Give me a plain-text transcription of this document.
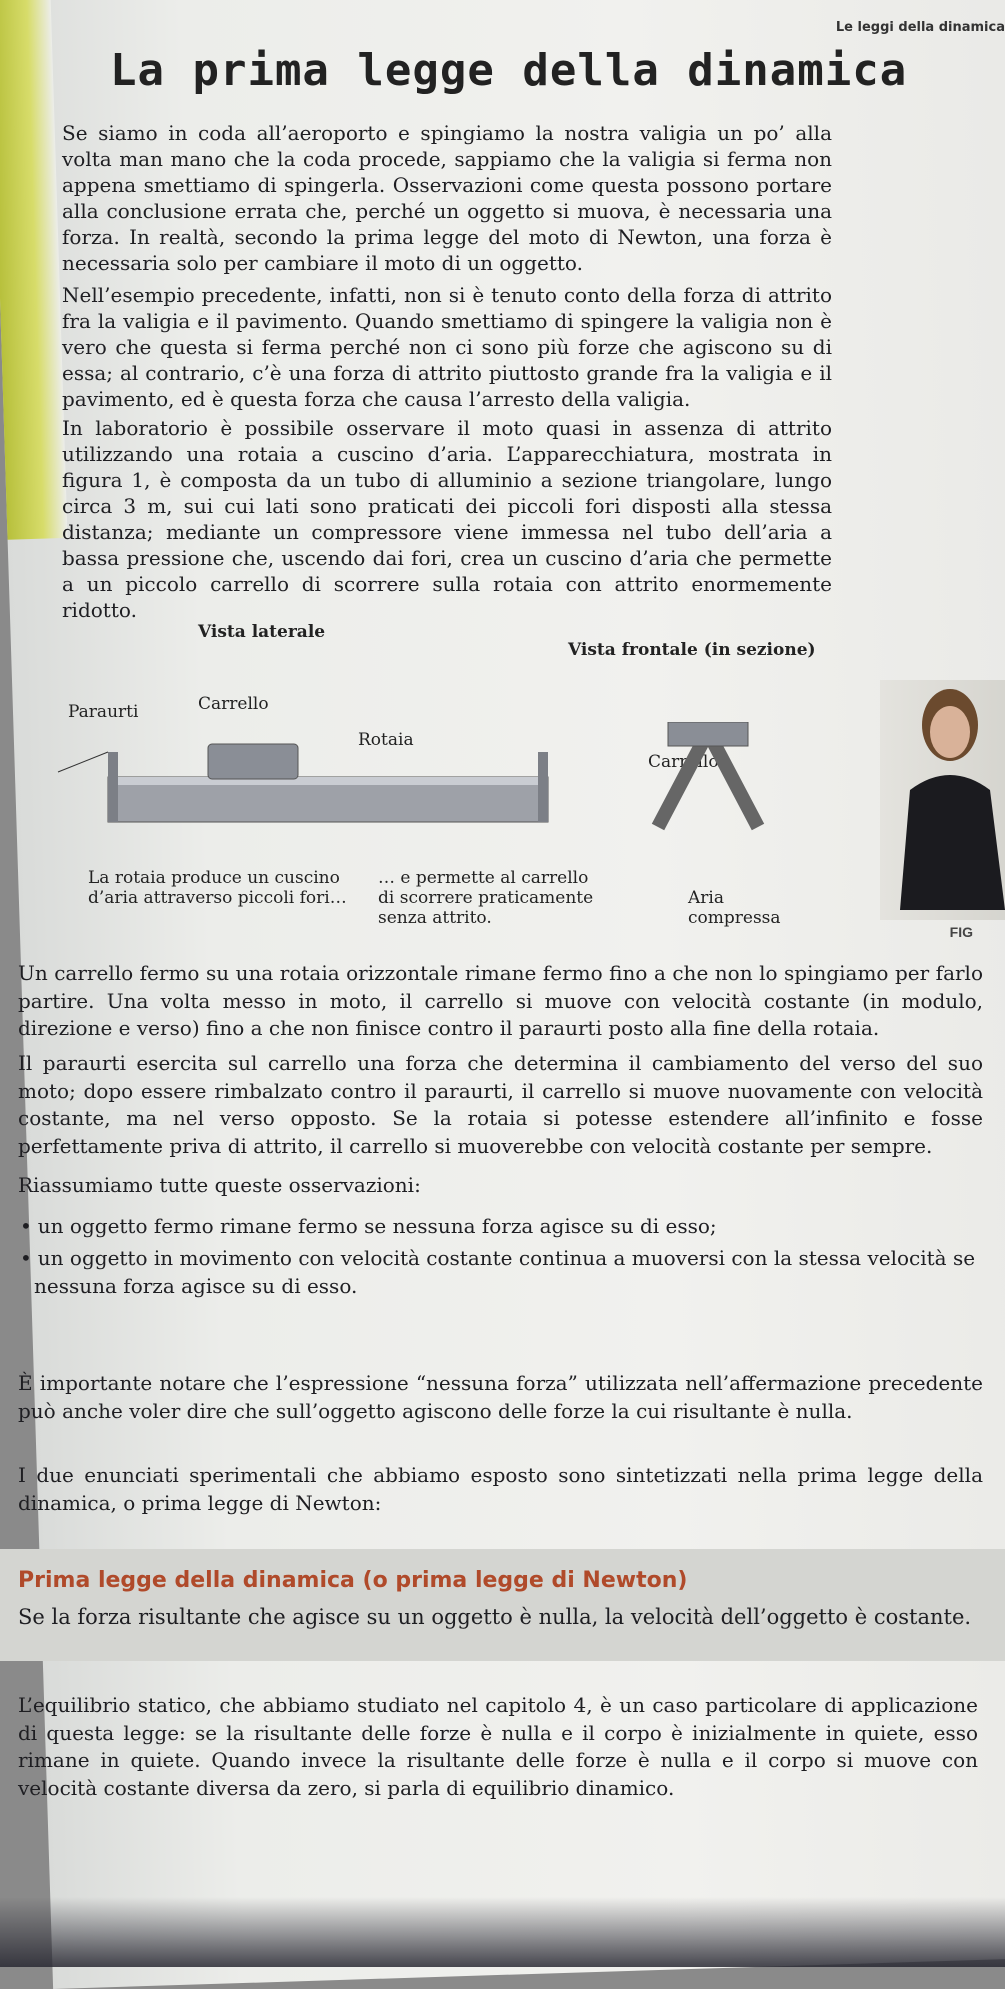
Le leggi della dinamica
La prima legge della dinamica

Se siamo in coda all’aeroporto e spingiamo la nostra valigia un po’ alla volta man mano che la coda procede, sappiamo che la valigia si ferma non appena smettiamo di spingerla. Osservazioni come questa possono portare alla conclusione errata che, perché un oggetto si muova, è necessaria una forza. In realtà, secondo la prima legge del moto di Newton, una forza è necessaria solo per cambiare il moto di un oggetto.

Nell’esempio precedente, infatti, non si è tenuto conto della forza di attrito fra la valigia e il pavimento. Quando smettiamo di spingere la valigia non è vero che questa si ferma perché non ci sono più forze che agiscono su di essa; al contrario, c’è una forza di attrito piuttosto grande fra la valigia e il pavimento, ed è questa forza che causa l’arresto della valigia.

In laboratorio è possibile osservare il moto quasi in assenza di attrito utilizzando una rotaia a cuscino d’aria. L’apparecchiatura, mostrata in figura 1, è composta da un tubo di alluminio a sezione triangolare, lungo circa 3 m, sui cui lati sono praticati dei piccoli fori disposti alla stessa distanza; mediante un compressore viene immessa nel tubo dell’aria a bassa pressione che, uscendo dai fori, crea un cuscino d’aria che permette a un piccolo carrello di scorrere sulla rotaia con attrito enormemente ridotto.

Vista laterale
Vista frontale (in sezione)
Paraurti	Carrello
Rotaia
Carrello
La rotaia produce un cuscino
d’aria attraverso piccoli fori…
… e permette al carrello
di scorrere praticamente
senza attrito.
Aria
compressa
FIG

Un carrello fermo su una rotaia orizzontale rimane fermo fino a che non lo spingiamo per farlo partire. Una volta messo in moto, il carrello si muove con velocità costante (in modulo, direzione e verso) fino a che non finisce contro il paraurti posto alla fine della rotaia.

Il paraurti esercita sul carrello una forza che determina il cambiamento del verso del suo moto; dopo essere rimbalzato contro il paraurti, il carrello si muove nuovamente con velocità costante, ma nel verso opposto. Se la rotaia si potesse estendere all’infinito e fosse perfettamente priva di attrito, il carrello si muoverebbe con velocità costante per sempre.

Riassumiamo tutte queste osservazioni:

• un oggetto fermo rimane fermo se nessuna forza agisce su di esso;
• un oggetto in movimento con velocità costante continua a muoversi con la stessa velocità se nessuna forza agisce su di esso.

È importante notare che l’espressione “nessuna forza” utilizzata nell’affermazione precedente può anche voler dire che sull’oggetto agiscono delle forze la cui risultante è nulla.

I due enunciati sperimentali che abbiamo esposto sono sintetizzati nella prima legge della dinamica, o prima legge di Newton:

Prima legge della dinamica (o prima legge di Newton)
Se la forza risultante che agisce su un oggetto è nulla, la velocità dell’oggetto è costante.

L’equilibrio statico, che abbiamo studiato nel capitolo 4, è un caso particolare di applicazione di questa legge: se la risultante delle forze è nulla e il corpo è inizialmente in quiete, esso rimane in quiete. Quando invece la risultante delle forze è nulla e il corpo si muove con velocità costante diversa da zero, si parla di equilibrio dinamico.
